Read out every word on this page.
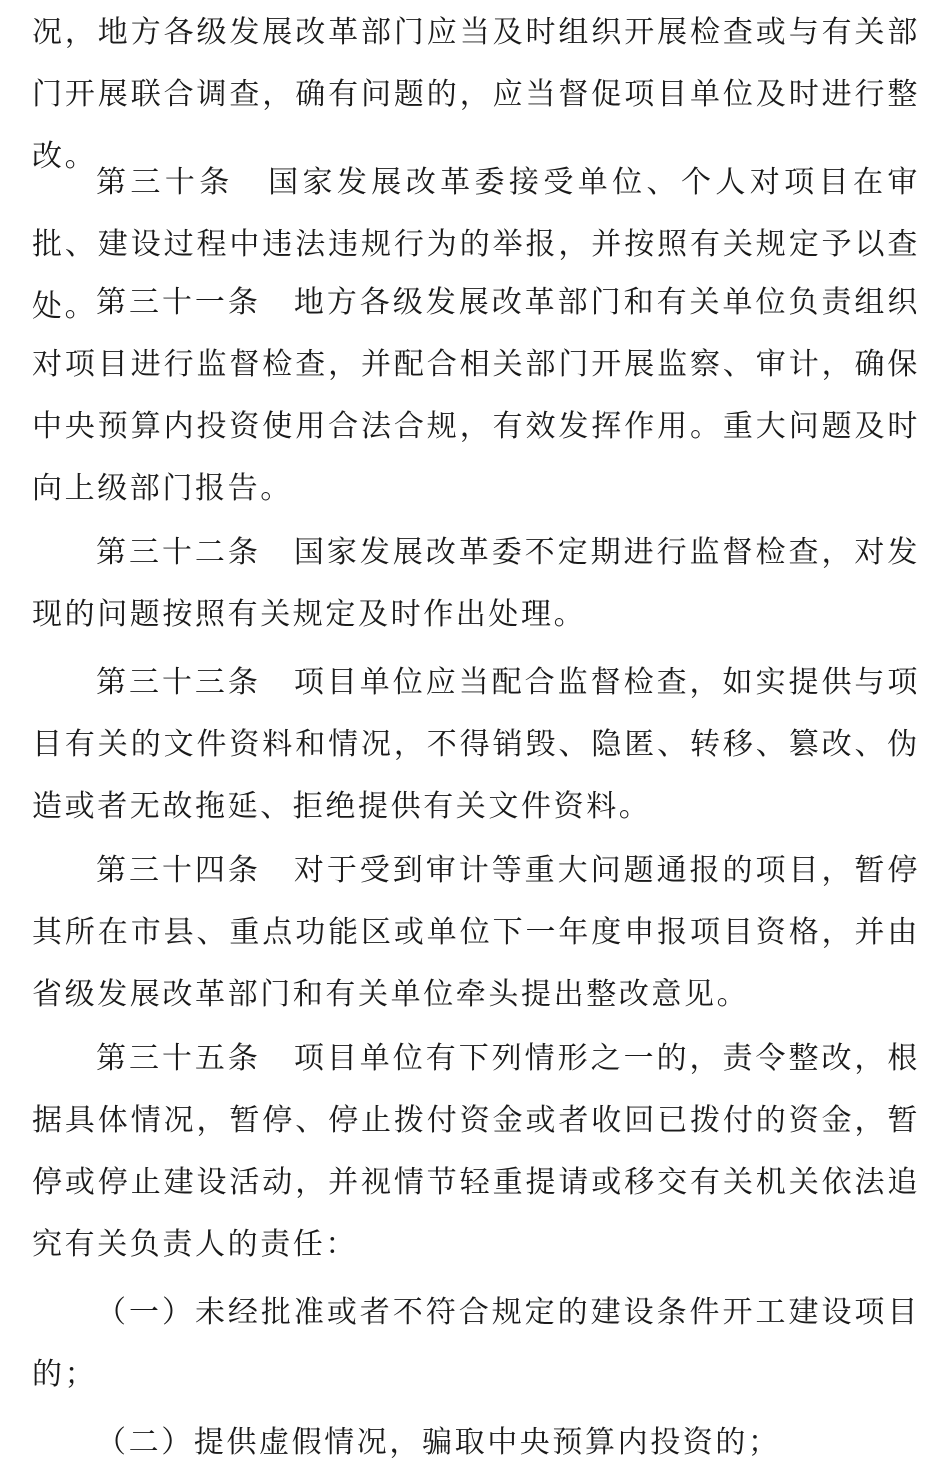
况，地方各级发展改革部门应当及时组织开展检查或与有关部门开展联合调查，确有问题的，应当督促项目单位及时进行整改。

第三十条　 国家发展改革委接受单位、个人对项目在审批、建设过程中违法违规行为的举报，并按照有关规定予以查处。

第三十一条　 地方各级发展改革部门和有关单位负责组织对项目进行监督检查，并配合相关部门开展监察、审计，确保中央预算内投资使用合法合规，有效发挥作用。重大问题及时向上级部门报告。

第三十二条　 国家发展改革委不定期进行监督检查，对发现的问题按照有关规定及时作出处理。

第三十三条　 项目单位应当配合监督检查，如实提供与项目有关的文件资料和情况，不得销毁、隐匿、转移、篡改、伪造或者无故拖延、拒绝提供有关文件资料。

第三十四条　 对于受到审计等重大问题通报的项目，暂停其所在市县、重点功能区或单位下一年度申报项目资格，并由省级发展改革部门和有关单位牵头提出整改意见。

第三十五条　 项目单位有下列情形之一的，责令整改，根据具体情况，暂停、停止拨付资金或者收回已拨付的资金，暂停或停止建设活动，并视情节轻重提请或移交有关机关依法追究有关负责人的责任：

（一）未经批准或者不符合规定的建设条件开工建设项目的；

（二）提供虚假情况，骗取中央预算内投资的；
